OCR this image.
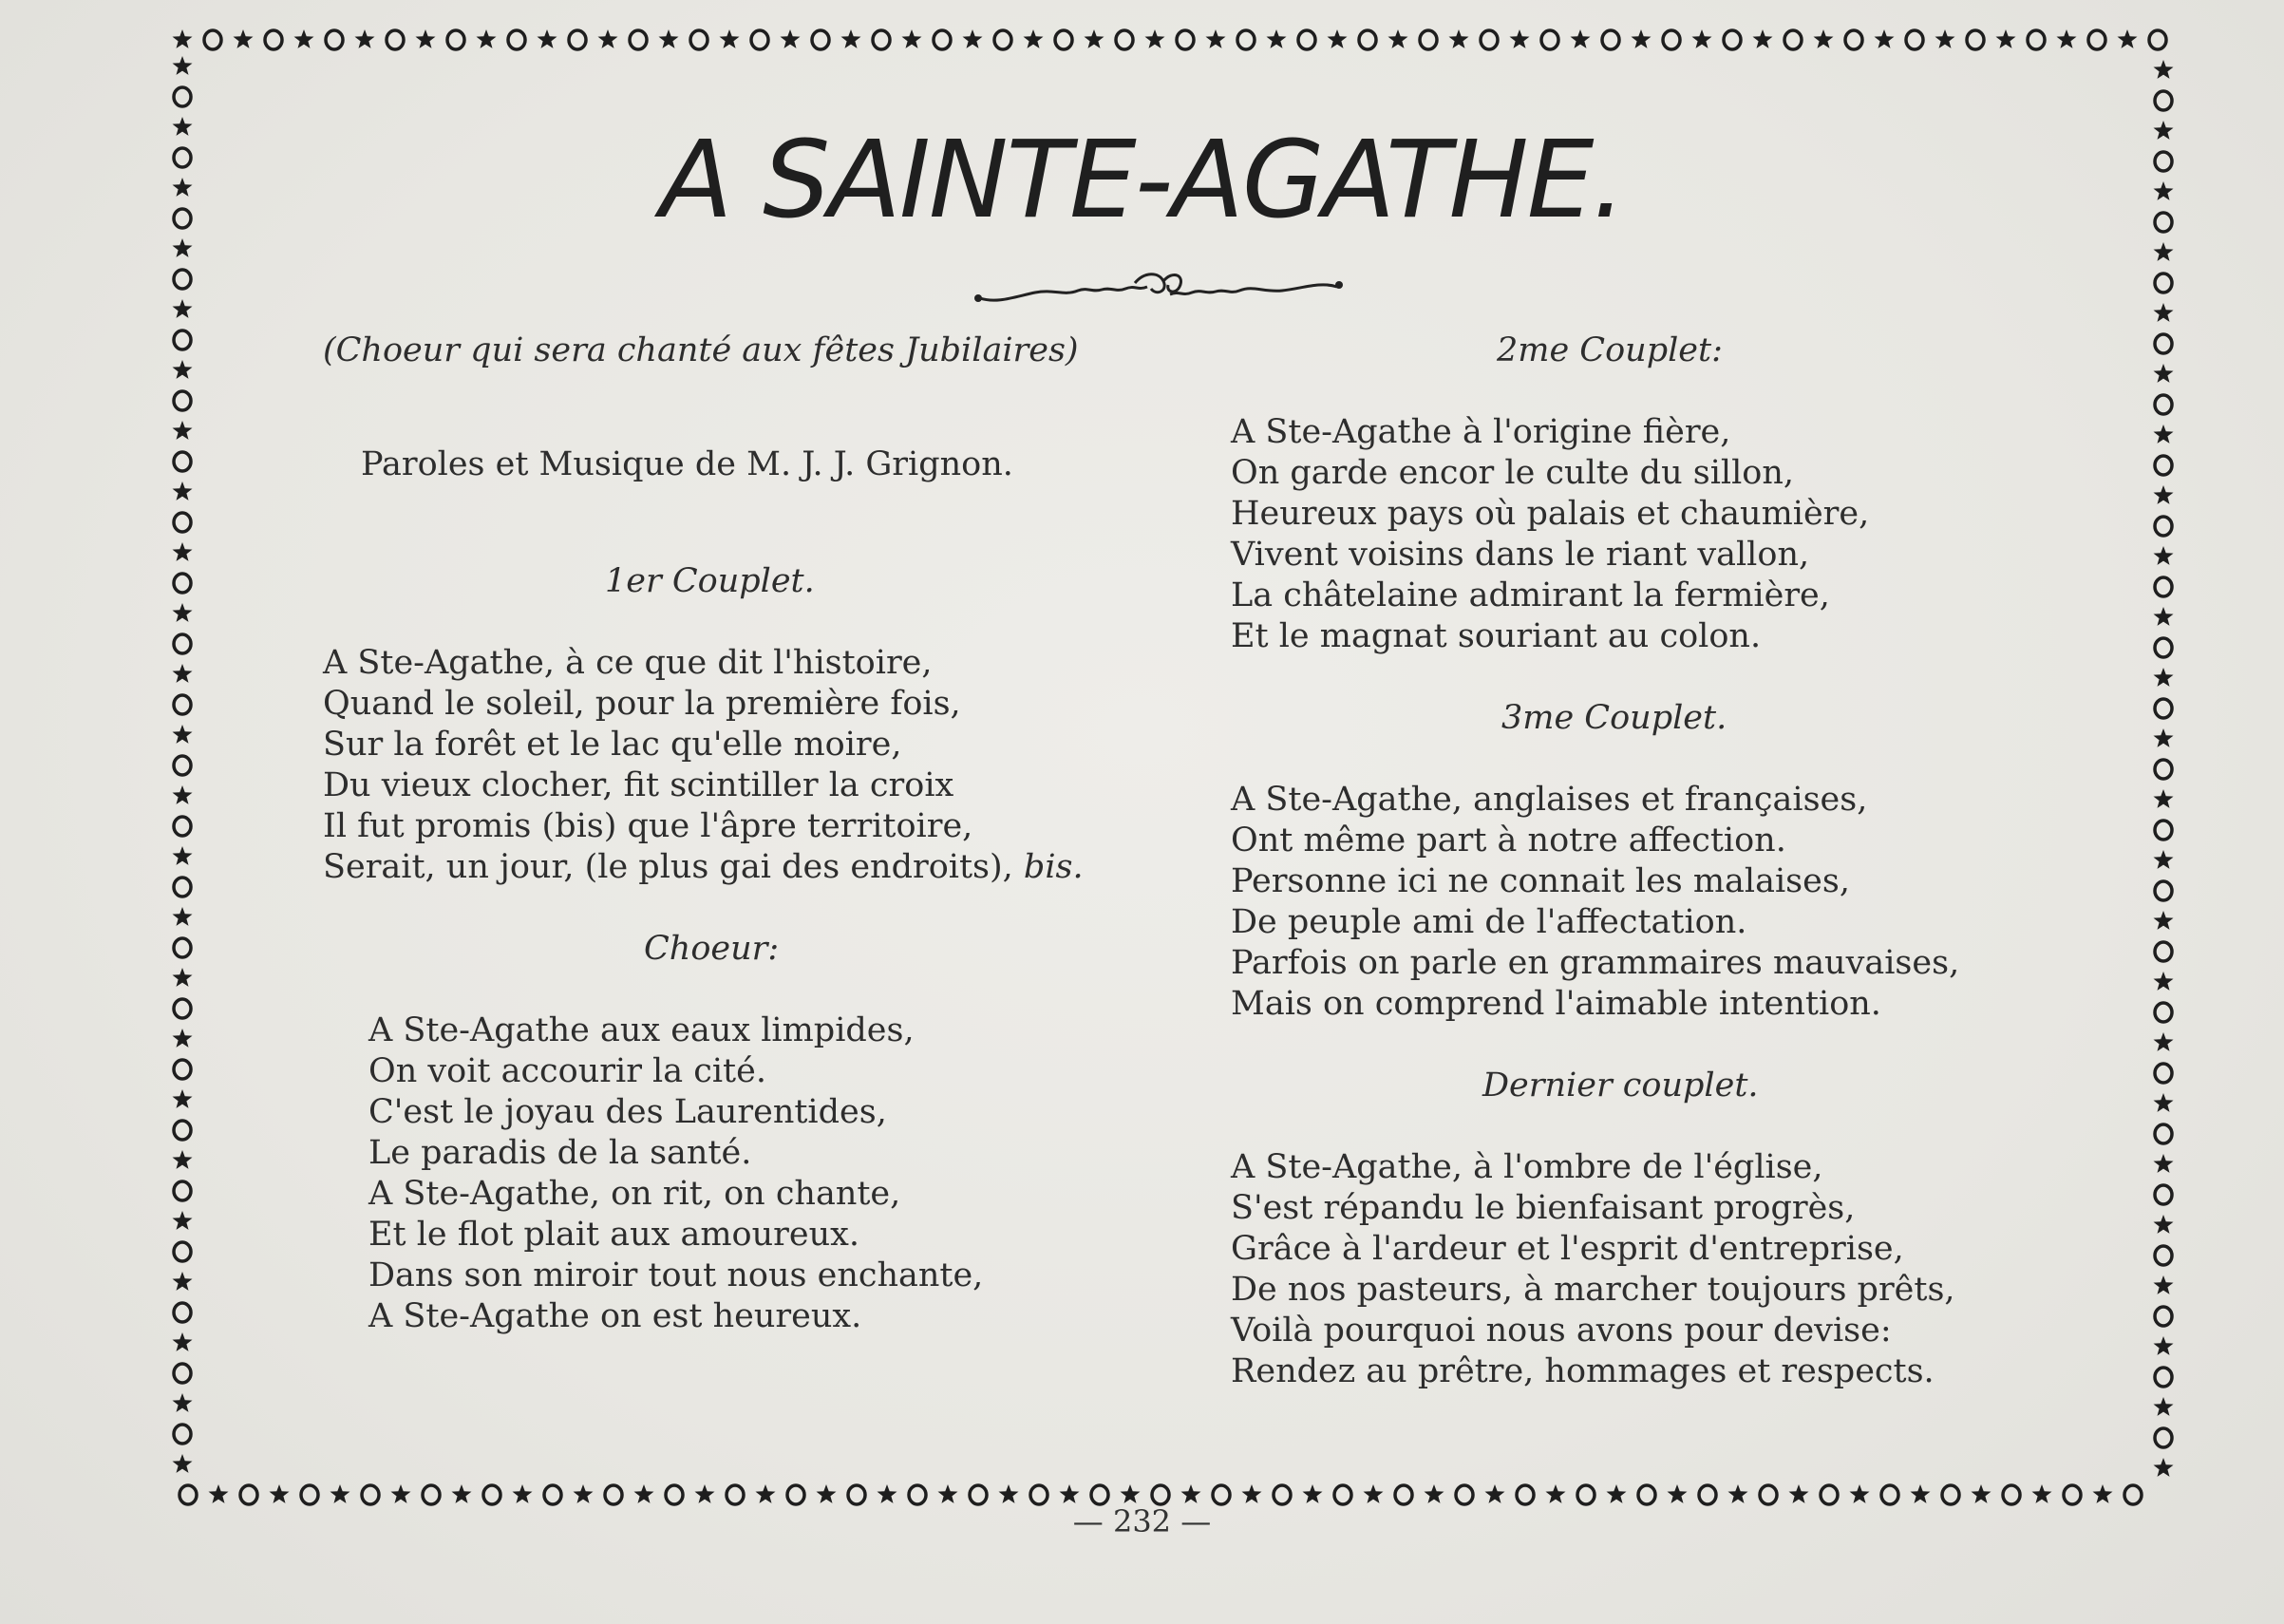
A SAINTE-AGATHE.
(Choeur qui sera chanté aux fêtes Jubilaires)
Paroles et Musique de M. J. J. Grignon.
1er Couplet.
A Ste-Agathe, à ce que dit l'histoire,
Quand le soleil, pour la première fois,
Sur la forêt et le lac qu'elle moire,
Du vieux clocher, fit scintiller la croix
Il fut promis (bis) que l'âpre territoire,
Serait, un jour, (le plus gai des endroits), bis.
Choeur:
A Ste-Agathe aux eaux limpides,
On voit accourir la cité.
C'est le joyau des Laurentides,
Le paradis de la santé.
A Ste-Agathe, on rit, on chante,
Et le flot plait aux amoureux.
Dans son miroir tout nous enchante,
A Ste-Agathe on est heureux.
2me Couplet:
A Ste-Agathe à l'origine fière,
On garde encor le culte du sillon,
Heureux pays où palais et chaumière,
Vivent voisins dans le riant vallon,
La châtelaine admirant la fermière,
Et le magnat souriant au colon.
3me Couplet.
A Ste-Agathe, anglaises et françaises,
Ont même part à notre affection.
Personne ici ne connait les malaises,
De peuple ami de l'affectation.
Parfois on parle en grammaires mauvaises,
Mais on comprend l'aimable intention.
Dernier couplet.
A Ste-Agathe, à l'ombre de l'église,
S'est répandu le bienfaisant progrès,
Grâce à l'ardeur et l'esprit d'entreprise,
De nos pasteurs, à marcher toujours prêts,
Voilà pourquoi nous avons pour devise:
Rendez au prêtre, hommages et respects.
— 232 —
